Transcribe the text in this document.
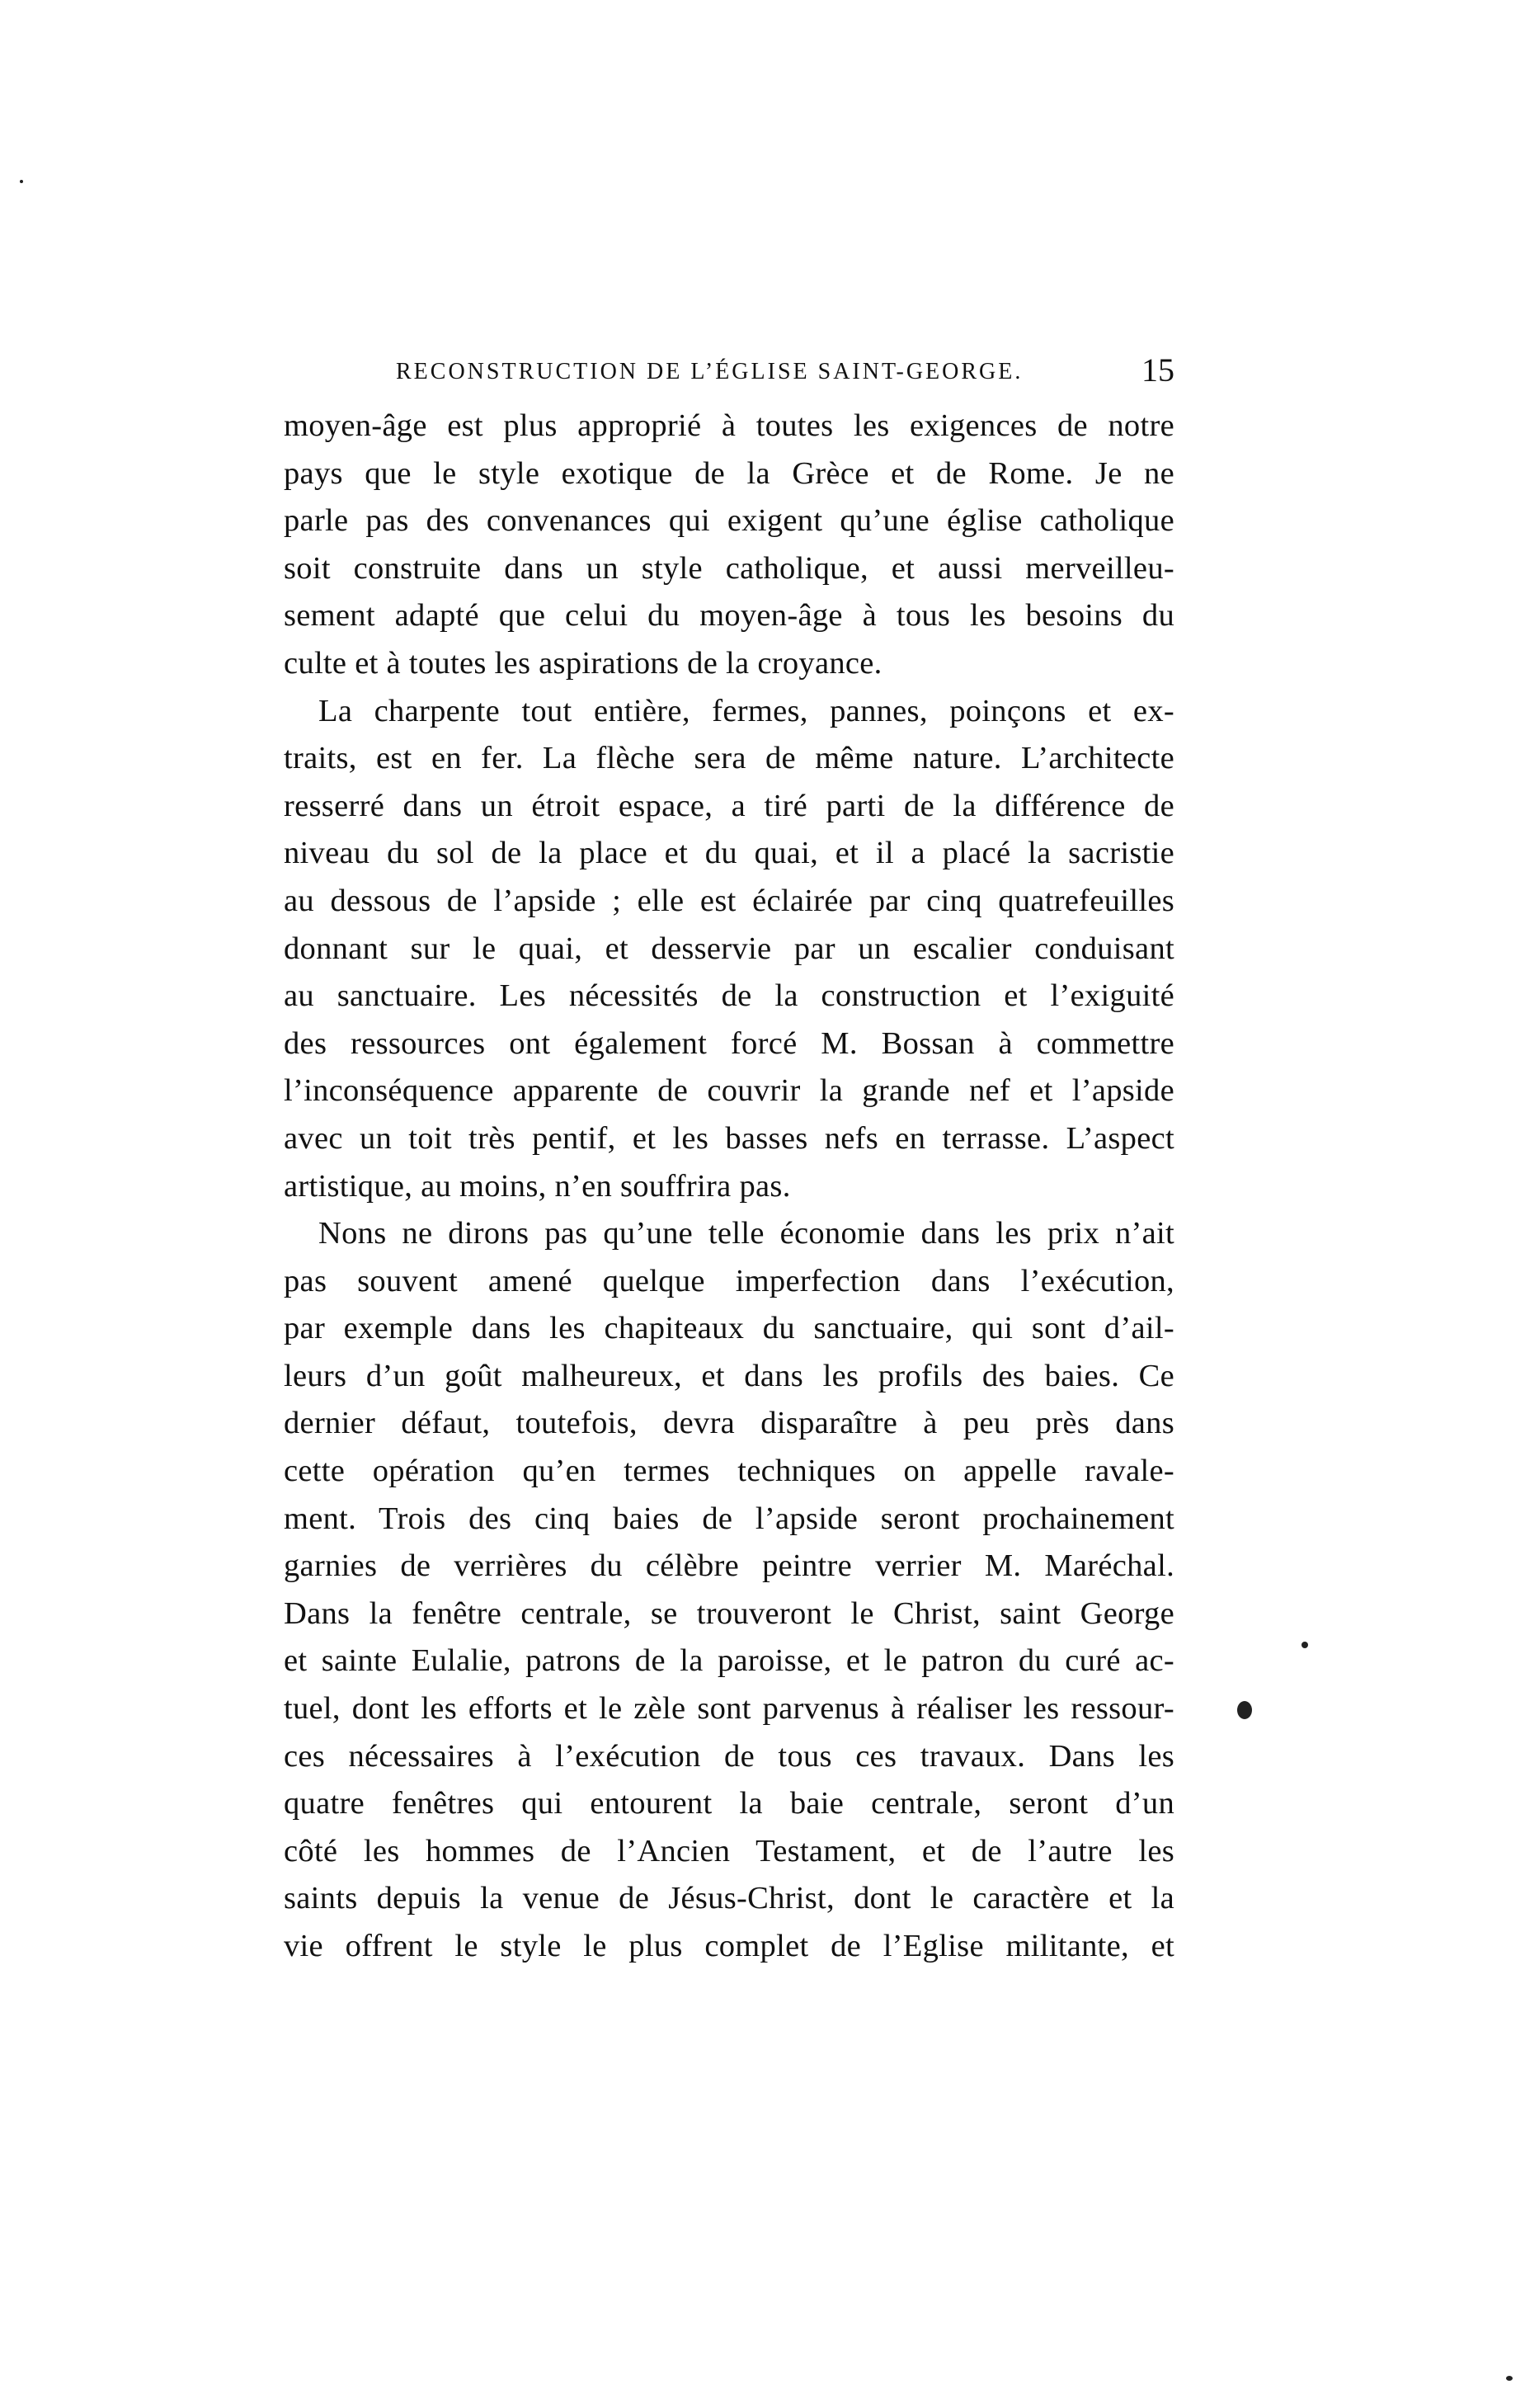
RECONSTRUCTION DE L’ÉGLISE SAINT-GEORGE.	15
moyen-âge est plus approprié à toutes les exigences de notre
pays que le style exotique de la Grèce et de Rome. Je ne
parle pas des convenances qui exigent qu’une église catholique
soit construite dans un style catholique, et aussi merveilleu-
sement adapté que celui du moyen-âge à tous les besoins du
culte et à toutes les aspirations de la croyance.
La charpente tout entière, fermes, pannes, poinçons et ex-
traits, est en fer. La flèche sera de même nature. L’architecte
resserré dans un étroit espace, a tiré parti de la différence de
niveau du sol de la place et du quai, et il a placé la sacristie
au dessous de l’apside ; elle est éclairée par cinq quatrefeuilles
donnant sur le quai, et desservie par un escalier conduisant
au sanctuaire. Les nécessités de la construction et l’exiguité
des ressources ont également forcé M. Bossan à commettre
l’inconséquence apparente de couvrir la grande nef et l’apside
avec un toit très pentif, et les basses nefs en terrasse. L’aspect
artistique, au moins, n’en souffrira pas.
Nons ne dirons pas qu’une telle économie dans les prix n’ait
pas souvent amené quelque imperfection dans l’exécution,
par exemple dans les chapiteaux du sanctuaire, qui sont d’ail-
leurs d’un goût malheureux, et dans les profils des baies. Ce
dernier défaut, toutefois, devra disparaître à peu près dans
cette opération qu’en termes techniques on appelle ravale-
ment. Trois des cinq baies de l’apside seront prochainement
garnies de verrières du célèbre peintre verrier M. Maréchal.
Dans la fenêtre centrale, se trouveront le Christ, saint George
et sainte Eulalie, patrons de la paroisse, et le patron du curé ac-
tuel, dont les efforts et le zèle sont parvenus à réaliser les ressour-
ces nécessaires à l’exécution de tous ces travaux. Dans les
quatre fenêtres qui entourent la baie centrale, seront d’un
côté les hommes de l’Ancien Testament, et de l’autre les
saints depuis la venue de Jésus-Christ, dont le caractère et la
vie offrent le style le plus complet de l’Eglise militante, et
